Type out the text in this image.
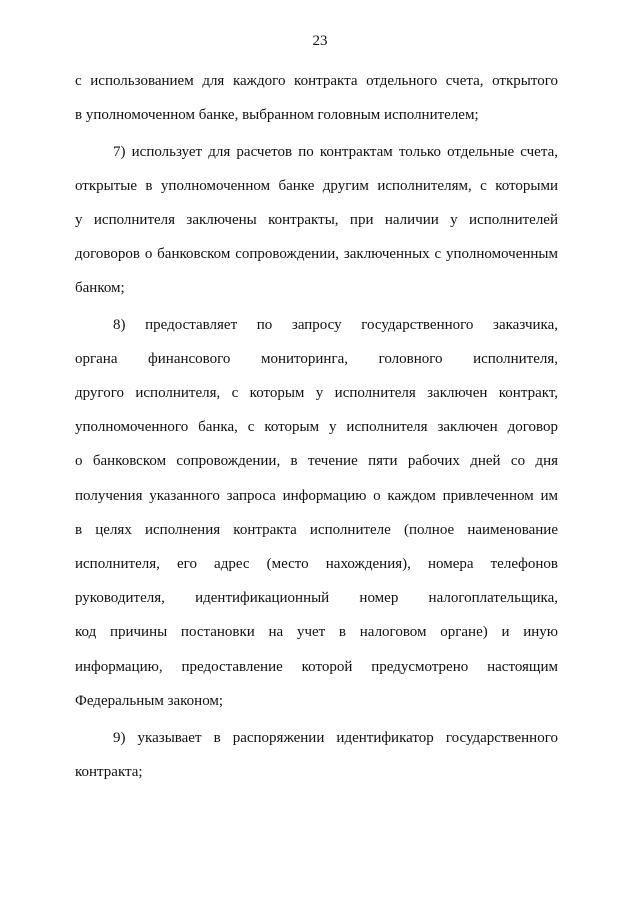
23
с использованием для каждого контракта отдельного счета, открытого
в уполномоченном банке, выбранном головным исполнителем;
7) использует для расчетов по контрактам только отдельные счета,
открытые в уполномоченном банке другим исполнителям, с которыми
у исполнителя заключены контракты, при наличии у исполнителей
договоров о банковском сопровождении, заключенных с уполномоченным
банком;
8) предоставляет по запросу государственного заказчика,
органа финансового мониторинга, головного исполнителя,
другого исполнителя, с которым у исполнителя заключен контракт,
уполномоченного банка, с которым у исполнителя заключен договор
о банковском сопровождении, в течение пяти рабочих дней со дня
получения указанного запроса информацию о каждом привлеченном им
в целях исполнения контракта исполнителе (полное наименование
исполнителя, его адрес (место нахождения), номера телефонов
руководителя, идентификационный номер налогоплательщика,
код причины постановки на учет в налоговом органе) и иную
информацию, предоставление которой предусмотрено настоящим
Федеральным законом;
9) указывает в распоряжении идентификатор государственного
контракта;
